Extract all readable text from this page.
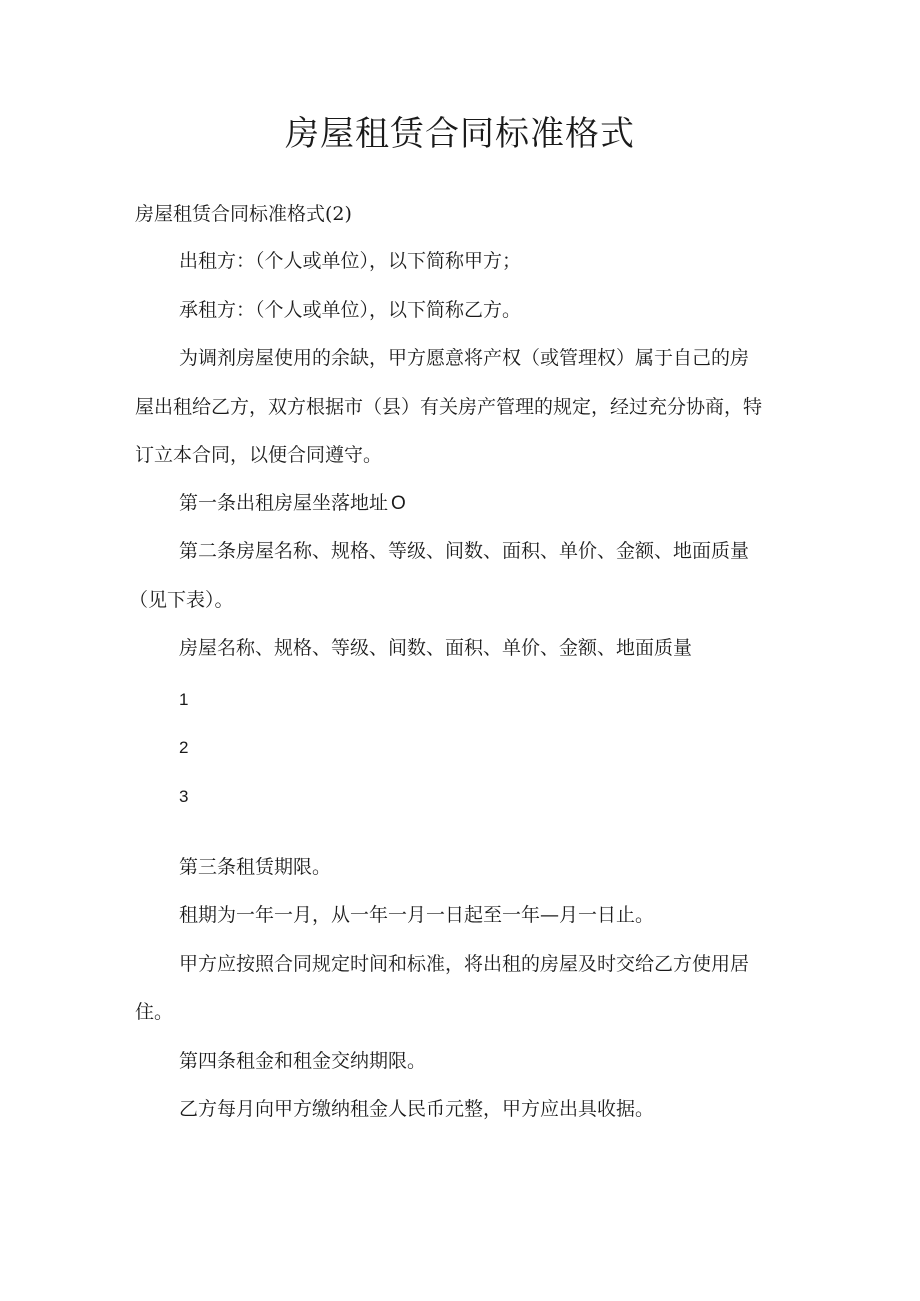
房屋租赁合同标准格式
房屋租赁合同标准格式(2)
出租方：（个人或单位），以下简称甲方；
承租方：（个人或单位），以下简称乙方。
为调剂房屋使用的余缺，甲方愿意将产权（或管理权）属于自己的房
屋出租给乙方，双方根据市（县）有关房产管理的规定，经过充分协商，特
订立本合同，以便合同遵守。
第一条出租房屋坐落地址 O
第二条房屋名称、规格、等级、间数、面积、单价、金额、地面质量
（见下表）。
房屋名称、规格、等级、间数、面积、单价、金额、地面质量
1
2
3
第三条租赁期限。
租期为一年一月，从一年一月一日起至一年—月一日止。
甲方应按照合同规定时间和标准，将出租的房屋及时交给乙方使用居
住。
第四条租金和租金交纳期限。
乙方每月向甲方缴纳租金人民币元整，甲方应出具收据。
